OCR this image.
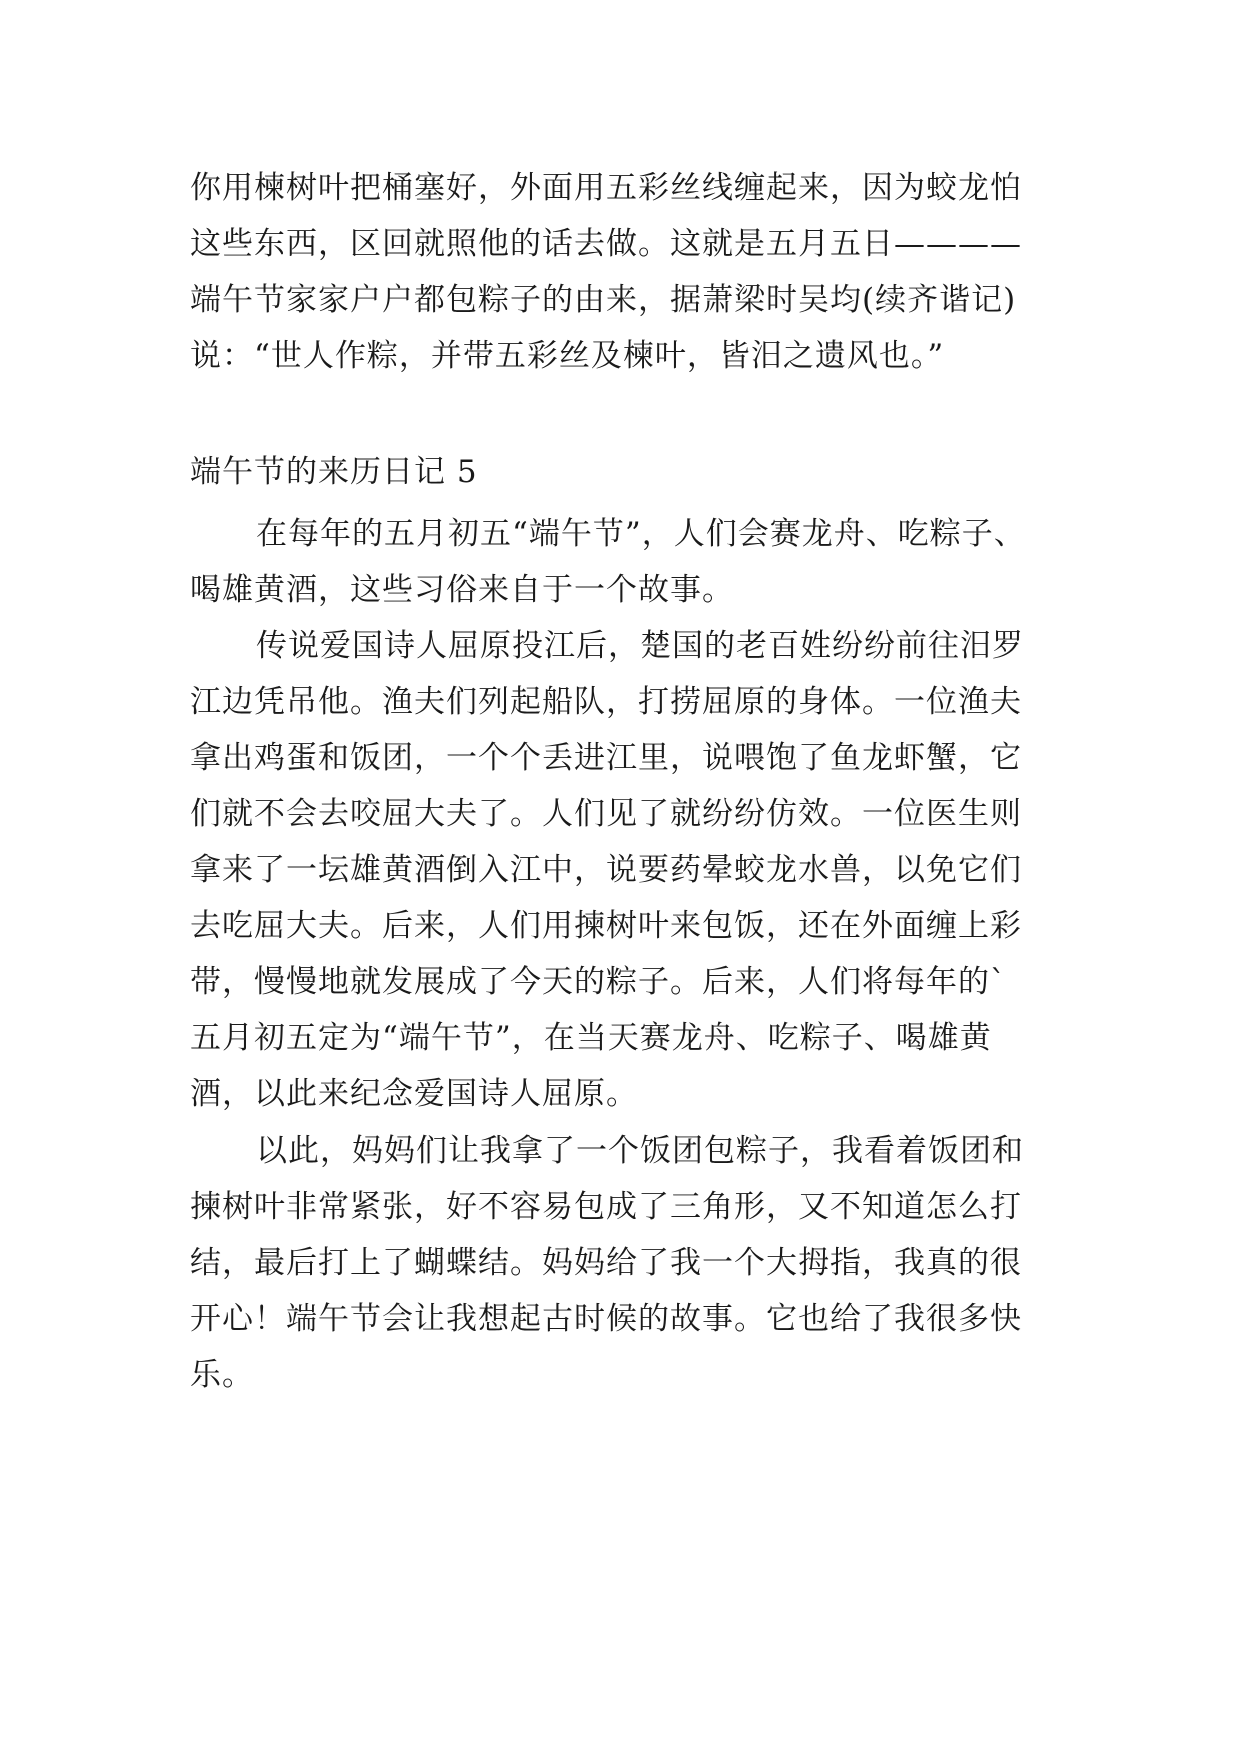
你用楝树叶把桶塞好，外面用五彩丝线缠起来，因为蛟龙怕
这些东西，区回就照他的话去做。这就是五月五日————
端午节家家户户都包粽子的由来，据萧梁时吴均(续齐谐记)
说：“世人作粽，并带五彩丝及楝叶，皆汨之遗风也。”
端午节的来历日记 5
在每年的五月初五“端午节”，人们会赛龙舟、吃粽子、
喝雄黄酒，这些习俗来自于一个故事。
传说爱国诗人屈原投江后，楚国的老百姓纷纷前往汨罗
江边凭吊他。渔夫们列起船队，打捞屈原的身体。一位渔夫
拿出鸡蛋和饭团，一个个丢进江里，说喂饱了鱼龙虾蟹，它
们就不会去咬屈大夫了。人们见了就纷纷仿效。一位医生则
拿来了一坛雄黄酒倒入江中，说要药晕蛟龙水兽，以免它们
去吃屈大夫。后来，人们用揀树叶来包饭，还在外面缠上彩
带，慢慢地就发展成了今天的粽子。后来，人们将每年的`
五月初五定为“端午节”，在当天赛龙舟、吃粽子、喝雄黄
酒，以此来纪念爱国诗人屈原。
以此，妈妈们让我拿了一个饭团包粽子，我看着饭团和
揀树叶非常紧张，好不容易包成了三角形，又不知道怎么打
结，最后打上了蝴蝶结。妈妈给了我一个大拇指，我真的很
开心！端午节会让我想起古时候的故事。它也给了我很多快
乐。
